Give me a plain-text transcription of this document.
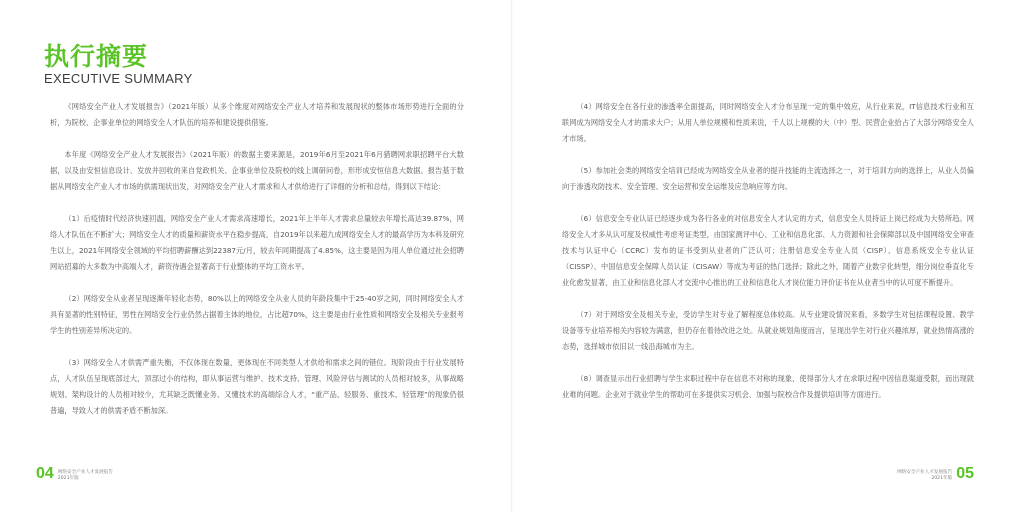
执行摘要
EXECUTIVE SUMMARY

《网络安全产业人才发展报告》（2021年版）从多个维度对网络安全产业人才培养和发展现状的整体市场形势进行全面的分析，为院校、企事业单位的网络安全人才队伍的培养和建设提供借鉴。

本年度《网络安全产业人才发展报告》（2021年版）的数据主要来源是，2019年6月至2021年6月猎聘网求职招聘平台大数据，以及由安恒信息设计、发放并回收的来自党政机关、企事业单位及院校的线上调研问卷，形形成安恒信息大数据。报告基于数据从网络安全产业人才市场的供需现状出发，对网络安全产业人才需求和人才供给进行了详细的分析和总结，得到以下结论：

（1）后疫情时代经济快速回温，网络安全产业人才需求高速增长，2021年上半年人才需求总量较去年增长高达39.87%，网络人才队伍在不断扩大；网络安全人才的质量和薪资水平在稳步提高，自2019年以来超九成网络安全人才的最高学历为本科及研究生以上，2021年网络安全领域的平均招聘薪酬达到22387元/月，较去年同期提高了4.85%，这主要是因为用人单位通过社会招聘网站招募的大多数为中高端人才，薪资待遇会显著高于行业整体的平均工资水平。

（2）网络安全从业者呈现逐渐年轻化态势，80%以上的网络安全从业人员的年龄段集中于25-40岁之间，同时网络安全人才具有显著的性别特征，男性在网络安全行业仍然占据着主体的地位，占比超70%，这主要是由行业性质和网络安全及相关专业报考学生的性别差异所决定的。

（3）网络安全人才供需严重失衡，不仅体现在数量，更体现在不同类型人才供给和需求之间的错位。现阶段由于行业发展特点，人才队伍呈现底部过大，顶部过小的结构，即从事运营与维护、技术支持、管理、风险评估与测试的人员相对较多，从事战略规划、架构设计的人员相对较少，尤其缺乏既懂业务、又懂技术的高端综合人才，“重产品、轻服务、重技术、轻管理”的现象仍很普遍，导致人才的供需矛盾不断加深。

（4）网络安全在各行业的渗透率全面提高，同时网络安全人才分布呈现一定的集中效应，从行业来说，IT信息技术行业和互联网成为网络安全人才的需求大户；从用人单位规模和性质来说，千人以上规模的大（中）型、民营企业拾占了大部分网络安全人才市场。

（5）参加社会类的网络安全培训已经成为网络安全从业者的提升技能的主流选择之一，对于培训方向的选择上，从业人员偏向于渗透攻防技术、安全管理、安全运营和安全运维及应急响应等方向。

（6）信息安全专业认证已经逐步成为各行各业的对信息安全人才认定的方式，信息安全人员持证上岗已经成为大势所趋。网络安全人才多从认可度及权威性考虑考证类型，由国家测评中心、工业和信息化部、人力资源和社会保障部以及中国网络安全审查技术与认证中心（CCRC）发布的证书受到从业者的广泛认可；注册信息安全专业人员（CISP）、信息系统安全专业认证（CISSP）、中国信息安全保障人员认证（CISAW）等成为考证的热门选择；除此之外，随着产业数字化转型，细分岗位垂直化专业化愈发显著，由工业和信息化部人才交流中心推出的工业和信息化人才岗位能力评价证书在从业者当中的认可度不断提升。

（7）对于网络安全及相关专业，受访学生对专业了解程度总体较高。从专业建设情况来看，多数学生对包括课程设置、教学设备等专业培养相关内容较为满意，但仍存在着待改进之处。从就业规划角度而言，呈现出学生对行业兴趣浓厚，就业热情高涨的态势，选择城市依旧以一线沿海城市为主。

（8）调查显示出行业招聘与学生求职过程中存在信息不对称的现象，使得部分人才在求职过程中因信息渠道受限，而出现就业难的问题。企业对于就业学生的帮助可在多提供实习机会、加强与院校合作及提供培训等方面进行。

04 网络安全产业人才发展报告
2021年版
网络安全产业人才发展报告
2021年版 05
